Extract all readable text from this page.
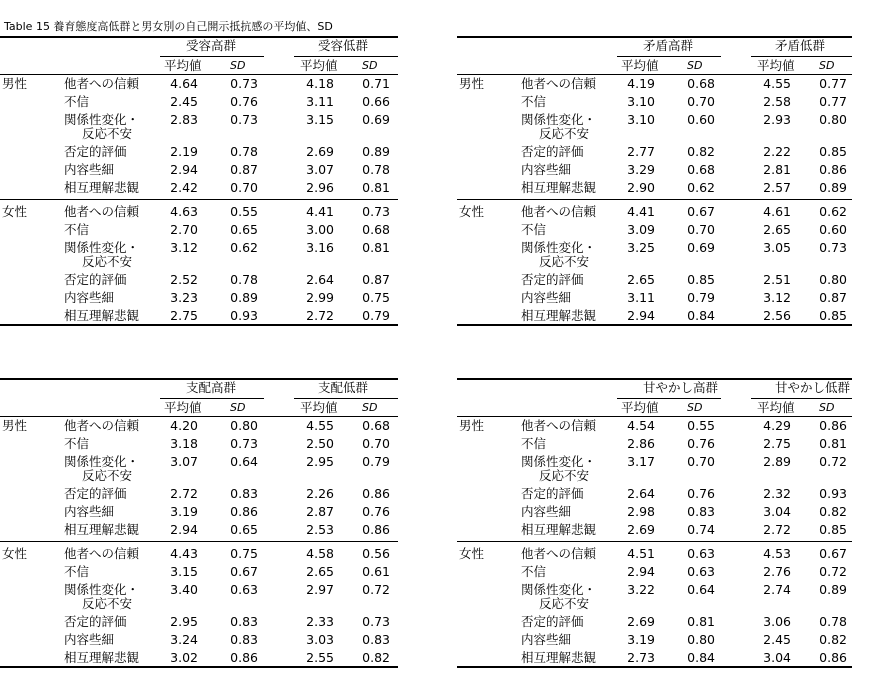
Table 15 養育態度高低群と男女別の自己開示抵抗感の平均値、SD
受容高群	受容低群
平均値	SD	平均値 SD
男性	他者への信頼	4.64	0.73	4.18	0.71
不信	2.45	0.76	3.11	0.66
関係性変化・
反応不安
2.83	0.73	3.15	0.69
否定的評価	2.19	0.78	2.69	0.89
内容些細	2.94	0.87	3.07	0.78
相互理解悲観	2.42	0.70	2.96	0.81
女性	他者への信頼	4.63	0.55	4.41	0.73
不信	2.70	0.65	3.00	0.68
関係性変化・
反応不安
3.12	0.62	3.16	0.81
否定的評価	2.52	0.78	2.64	0.87
内容些細	3.23	0.89	2.99	0.75
相互理解悲観	2.75	0.93	2.72	0.79
矛盾高群	矛盾低群
平均値	SD	平均値 SD
男性	他者への信頼	4.19	0.68	4.55	0.77
不信	3.10	0.70	2.58	0.77
関係性変化・
反応不安
3.10	0.60	2.93	0.80
否定的評価	2.77	0.82	2.22	0.85
内容些細	3.29	0.68	2.81	0.86
相互理解悲観	2.90	0.62	2.57	0.89
女性	他者への信頼	4.41	0.67	4.61	0.62
不信	3.09	0.70	2.65	0.60
関係性変化・
反応不安
3.25	0.69	3.05	0.73
否定的評価	2.65	0.85	2.51	0.80
内容些細	3.11	0.79	3.12	0.87
相互理解悲観	2.94	0.84	2.56	0.85
支配高群	支配低群
平均値	SD	平均値 SD
男性	他者への信頼	4.20	0.80	4.55	0.68
不信	3.18	0.73	2.50	0.70
関係性変化・
反応不安
3.07	0.64	2.95	0.79
否定的評価	2.72	0.83	2.26	0.86
内容些細	3.19	0.86	2.87	0.76
相互理解悲観	2.94	0.65	2.53	0.86
女性	他者への信頼	4.43	0.75	4.58	0.56
不信	3.15	0.67	2.65	0.61
関係性変化・
反応不安
3.40	0.63	2.97	0.72
否定的評価	2.95	0.83	2.33	0.73
内容些細	3.24	0.83	3.03	0.83
相互理解悲観	3.02	0.86	2.55	0.82
甘やかし高群	甘やかし低群
平均値	SD	平均値 SD
男性	他者への信頼	4.54	0.55	4.29	0.86
不信	2.86	0.76	2.75	0.81
関係性変化・
反応不安
3.17	0.70	2.89	0.72
否定的評価	2.64	0.76	2.32	0.93
内容些細	2.98	0.83	3.04	0.82
相互理解悲観	2.69	0.74	2.72	0.85
女性	他者への信頼	4.51	0.63	4.53	0.67
不信	2.94	0.63	2.76	0.72
関係性変化・
反応不安
3.22	0.64	2.74	0.89
否定的評価	2.69	0.81	3.06	0.78
内容些細	3.19	0.80	2.45	0.82
相互理解悲観	2.73	0.84	3.04	0.86
